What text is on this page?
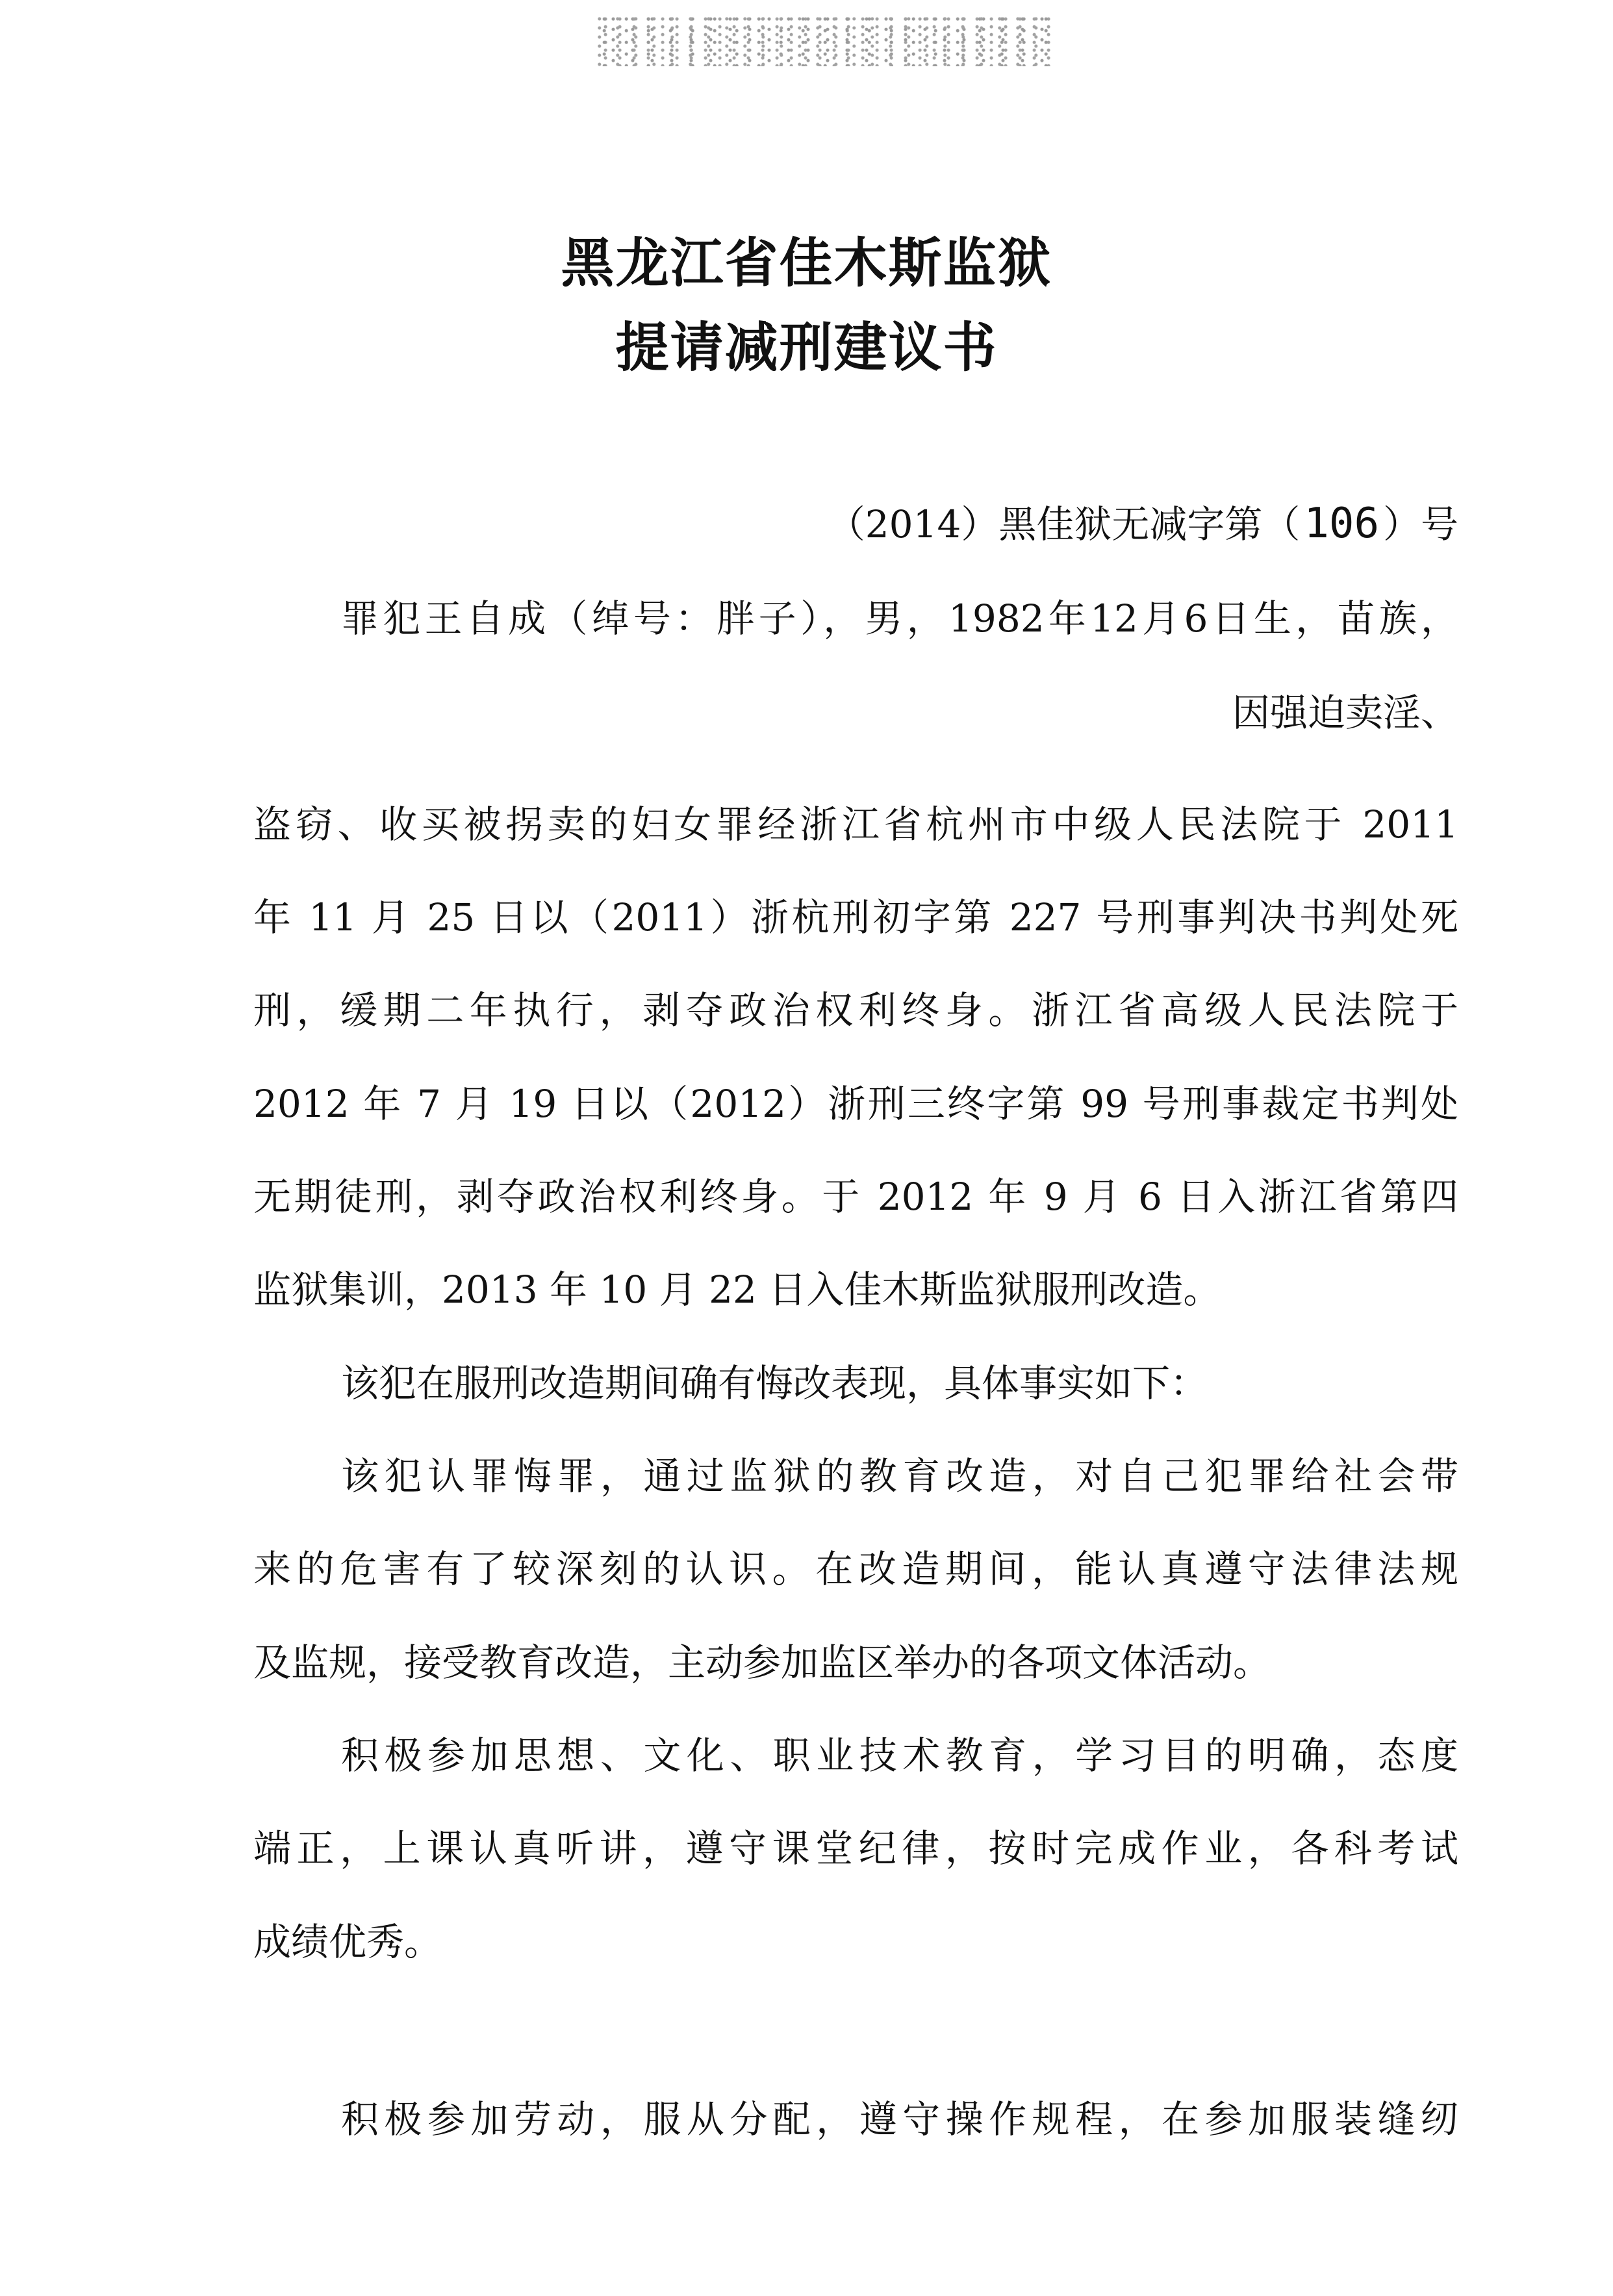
黑龙江省佳木斯监狱
提请减刑建议书
（2014）黑佳狱无减字第（106 ）号
罪犯王自成（绰号：胖子），男，1982年12月6日生，苗族，
因强迫卖淫、
盗窃、收买被拐卖的妇女罪经浙江省杭州市中级人民法院于 2011
年 11 月 25 日以（2011）浙杭刑初字第 227 号刑事判决书判处死
刑，缓期二年执行，剥夺政治权利终身。浙江省高级人民法院于
2012 年 7 月 19 日以（2012）浙刑三终字第 99 号刑事裁定书判处
无期徒刑，剥夺政治权利终身。于 2012 年 9 月 6 日入浙江省第四
监狱集训，2013 年 10 月 22 日入佳木斯监狱服刑改造。
该犯在服刑改造期间确有悔改表现，具体事实如下：
该犯认罪悔罪，通过监狱的教育改造，对自己犯罪给社会带
来的危害有了较深刻的认识。在改造期间，能认真遵守法律法规
及监规，接受教育改造，主动参加监区举办的各项文体活动。
积极参加思想、文化、职业技术教育，学习目的明确，态度
端正，上课认真听讲，遵守课堂纪律，按时完成作业，各科考试
成绩优秀。
积极参加劳动，服从分配，遵守操作规程，在参加服装缝纫
